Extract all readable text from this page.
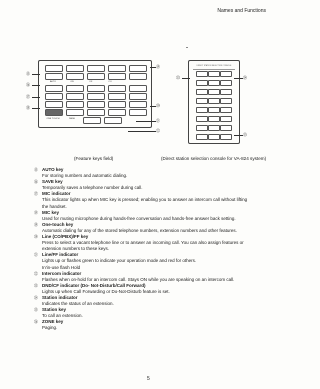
Names and Functions
AUTO	ON	FF	CO
ONE TOUCH	PAGE
⑮
⑯
⑰
⑱
⑲
⑳
㉑
㉒
DIRECT STATION SELECTION CONSOLE
㉓	㉔
㉕
(Feature keys field)	(Direct station selection console for VA-824 system)
⑮ AUTO key
For storing numbers and automatic dialing.
⑯ SAVE key
Temporarily saves a telephone number during call.
⑰ MIC indicator
This indicator lights up when MIC key is pressed; enabling you to answer an intercom call without lifting
the handset.
⑱ MIC key
Used for muting microphone during hands-free conversation and hands-free answer back setting.
⑲ One-touch key
Automatic dialing for any of the stored telephone numbers, extension numbers and other features.
⑳ Line (CO/PBX)/FF key
Press to select a vacant telephone line or to answer an incoming call. You can also assign features or
extension numbers to these keys.
㉑ Line/FF indicator
Lights up or flashes green to indicate your operation mode and red for others.
In'in-use flash Hold
㉒ Intercom indicator
Flashes when on-hold for an intercom call. Stays ON while you are speaking on an intercom call.
㉓ DND/CF indicator (Do- Not-Disturb/Call Forward)
Lights up when Call Forwarding or Do-Not-Disturb feature is set.
㉔ Station indicator
Indicates the status of an extension.
㉕ Station key
To call an extension.
㉖ ZONE key
Paging.
5
